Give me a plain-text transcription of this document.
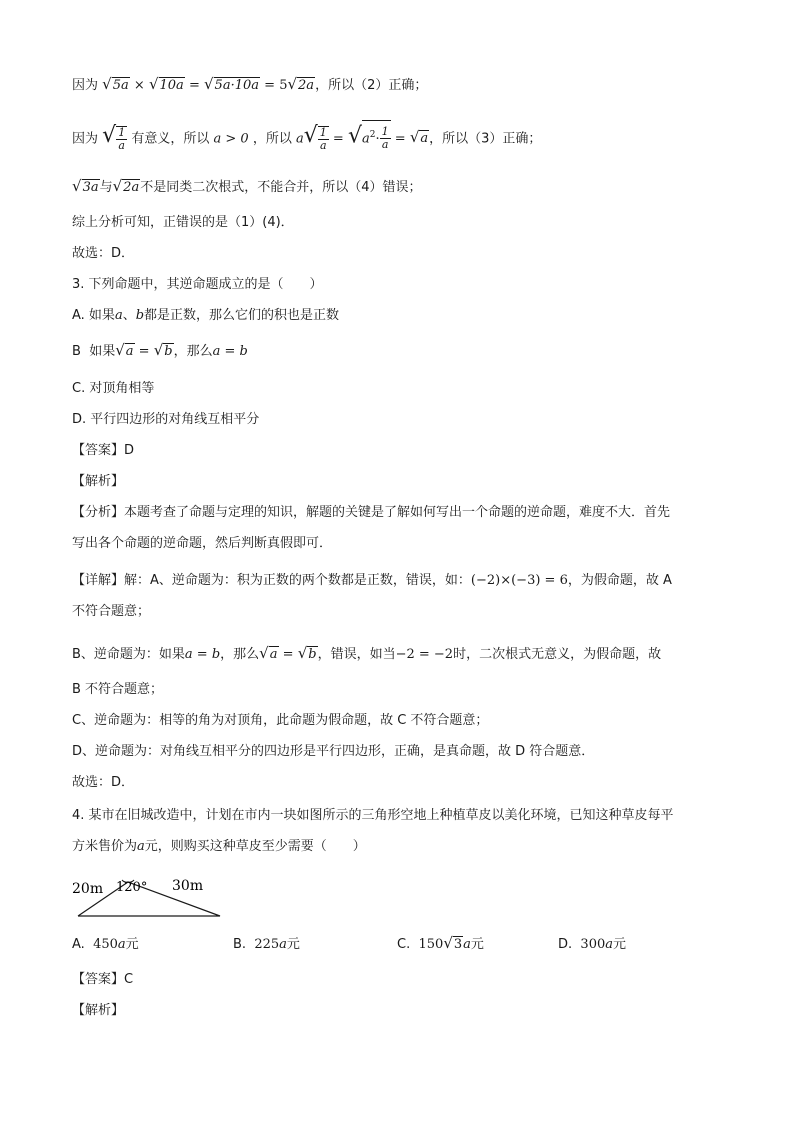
因为 √5a × √10a = √5a·10a = 5√2a，所以（2）正确；
因为 √ $\frac{1}{a}$ 有意义，所以 a > 0 ，所以 $a√ \frac{1}{a} = √a^2\cdot \frac{1}{a} = √a$，所以（3）正确；
√3a与√2a不是同类二次根式，不能合并，所以（4）错误；
综上分析可知，正错误的是（1）(4)．
故选：D．
3. 下列命题中，其逆命题成立的是（　　）
A. 如果a、b都是正数，那么它们的积也是正数
B 如果√a = √b，那么a = b
C. 对顶角相等
D. 平行四边形的对角线互相平分
【答案】D
【解析】
【分析】本题考查了命题与定理的知识，解题的关键是了解如何写出一个命题的逆命题，难度不大．首先
写出各个命题的逆命题，然后判断真假即可．
【详解】解：A、逆命题为：积为正数的两个数都是正数，错误，如：(−2)×(−3) = 6，为假命题，故 A
不符合题意；
B、逆命题为：如果a = b，那么√a = √b，错误，如当−2 = −2时，二次根式无意义，为假命题，故
B 不符合题意；
C、逆命题为：相等的角为对顶角，此命题为假命题，故 C 不符合题意；
D、逆命题为：对角线互相平分的四边形是平行四边形，正确，是真命题，故 D 符合题意．
故选：D．
4. 某市在旧城改造中，计划在市内一块如图所示的三角形空地上种植草皮以美化环境，已知这种草皮每平
方米售价为a元，则购买这种草皮至少需要（　　）
20m 120° 30m
A. 450a元	B. 225a元	C. 150√3a元	D. 300a元
【答案】C
【解析】
